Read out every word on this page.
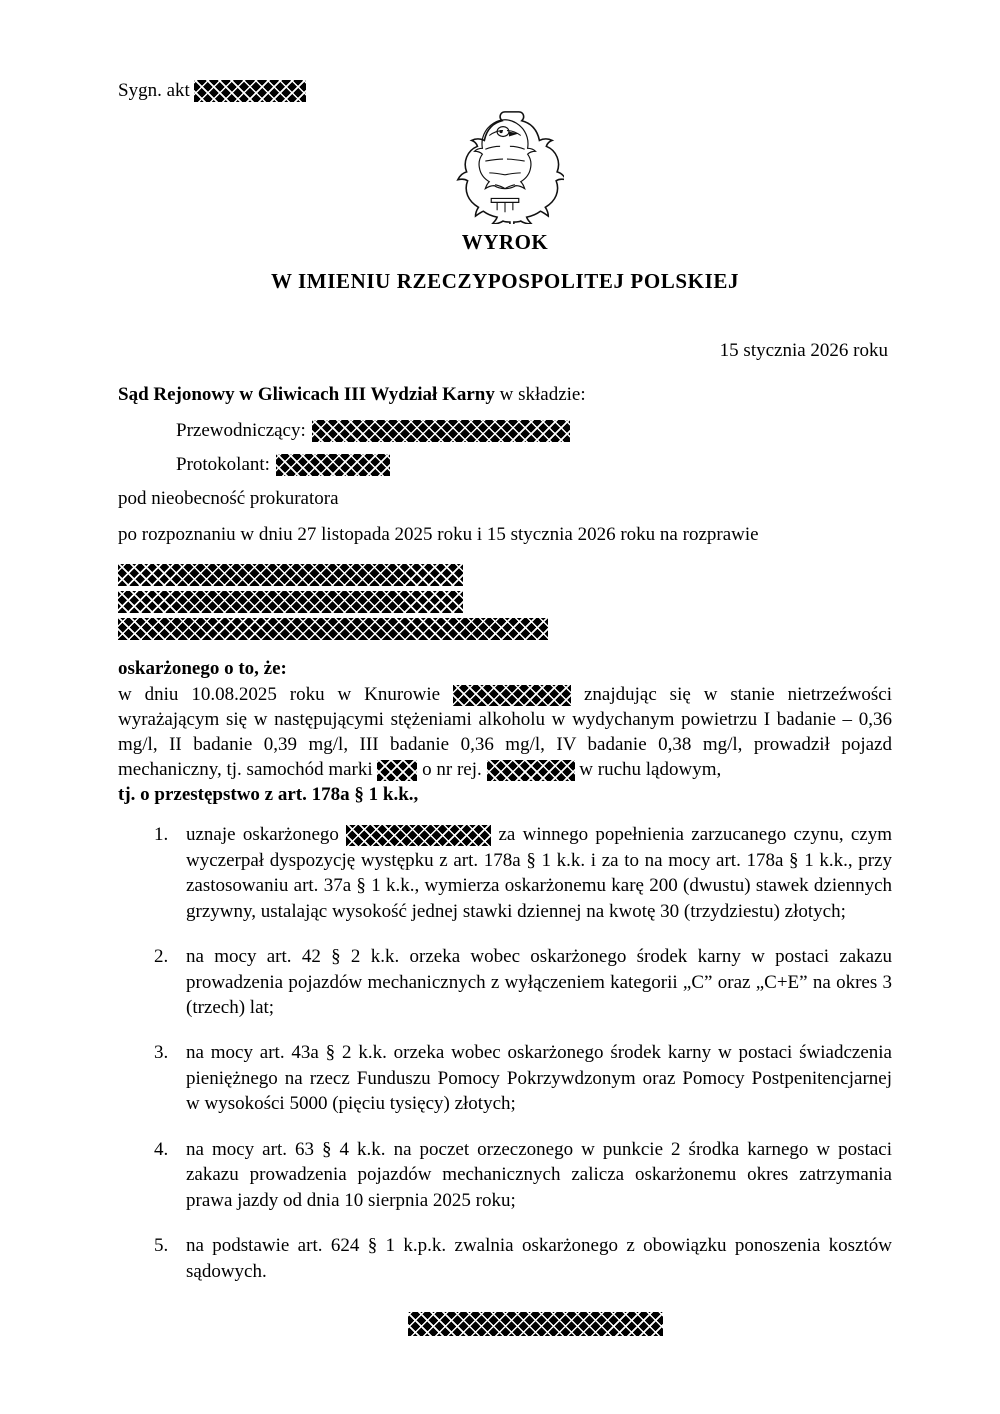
Sygn. akt
WYROK
W IMIENIU RZECZYPOSPOLITEJ POLSKIEJ
15 stycznia 2026 roku
Sąd Rejonowy w Gliwicach III Wydział Karny w składzie:
Przewodniczący:
Protokolant:
pod nieobecność prokuratora
po rozpoznaniu w dniu 27 listopada 2025 roku i 15 stycznia 2026 roku na rozprawie
oskarżonego o to, że:
w dniu 10.08.2025 roku w Knurowie	znajdując się w stanie nietrzeźwości wyrażającym się w następującymi stężeniami alkoholu w wydychanym powietrzu I badanie – 0,36 mg/l, II badanie 0,39 mg/l, III badanie 0,36 mg/l, IV badanie 0,38 mg/l, prowadził pojazd mechaniczny, tj. samochód marki	o nr rej.	w ruchu lądowym,
tj. o przestępstwo z art. 178a § 1 k.k.,
uznaje oskarżonego	za winnego popełnienia zarzucanego czynu, czym wyczerpał dyspozycję występku z art. 178a § 1 k.k. i za to na mocy art. 178a § 1 k.k., przy zastosowaniu art. 37a § 1 k.k., wymierza oskarżonemu karę 200 (dwustu) stawek dziennych grzywny, ustalając wysokość jednej stawki dziennej na kwotę 30 (trzydziestu) złotych;
na mocy art. 42 § 2 k.k. orzeka wobec oskarżonego środek karny w postaci zakazu prowadzenia pojazdów mechanicznych z wyłączeniem kategorii „C” oraz „C+E” na okres 3 (trzech) lat;
na mocy art. 43a § 2 k.k. orzeka wobec oskarżonego środek karny w postaci świadczenia pieniężnego na rzecz Funduszu Pomocy Pokrzywdzonym oraz Pomocy Postpenitencjarnej w wysokości 5000 (pięciu tysięcy) złotych;
na mocy art. 63 § 4 k.k. na poczet orzeczonego w punkcie 2 środka karnego w postaci zakazu prowadzenia pojazdów mechanicznych zalicza oskarżonemu okres zatrzymania prawa jazdy od dnia 10 sierpnia 2025 roku;
na podstawie art. 624 § 1 k.p.k. zwalnia oskarżonego z obowiązku ponoszenia kosztów sądowych.
